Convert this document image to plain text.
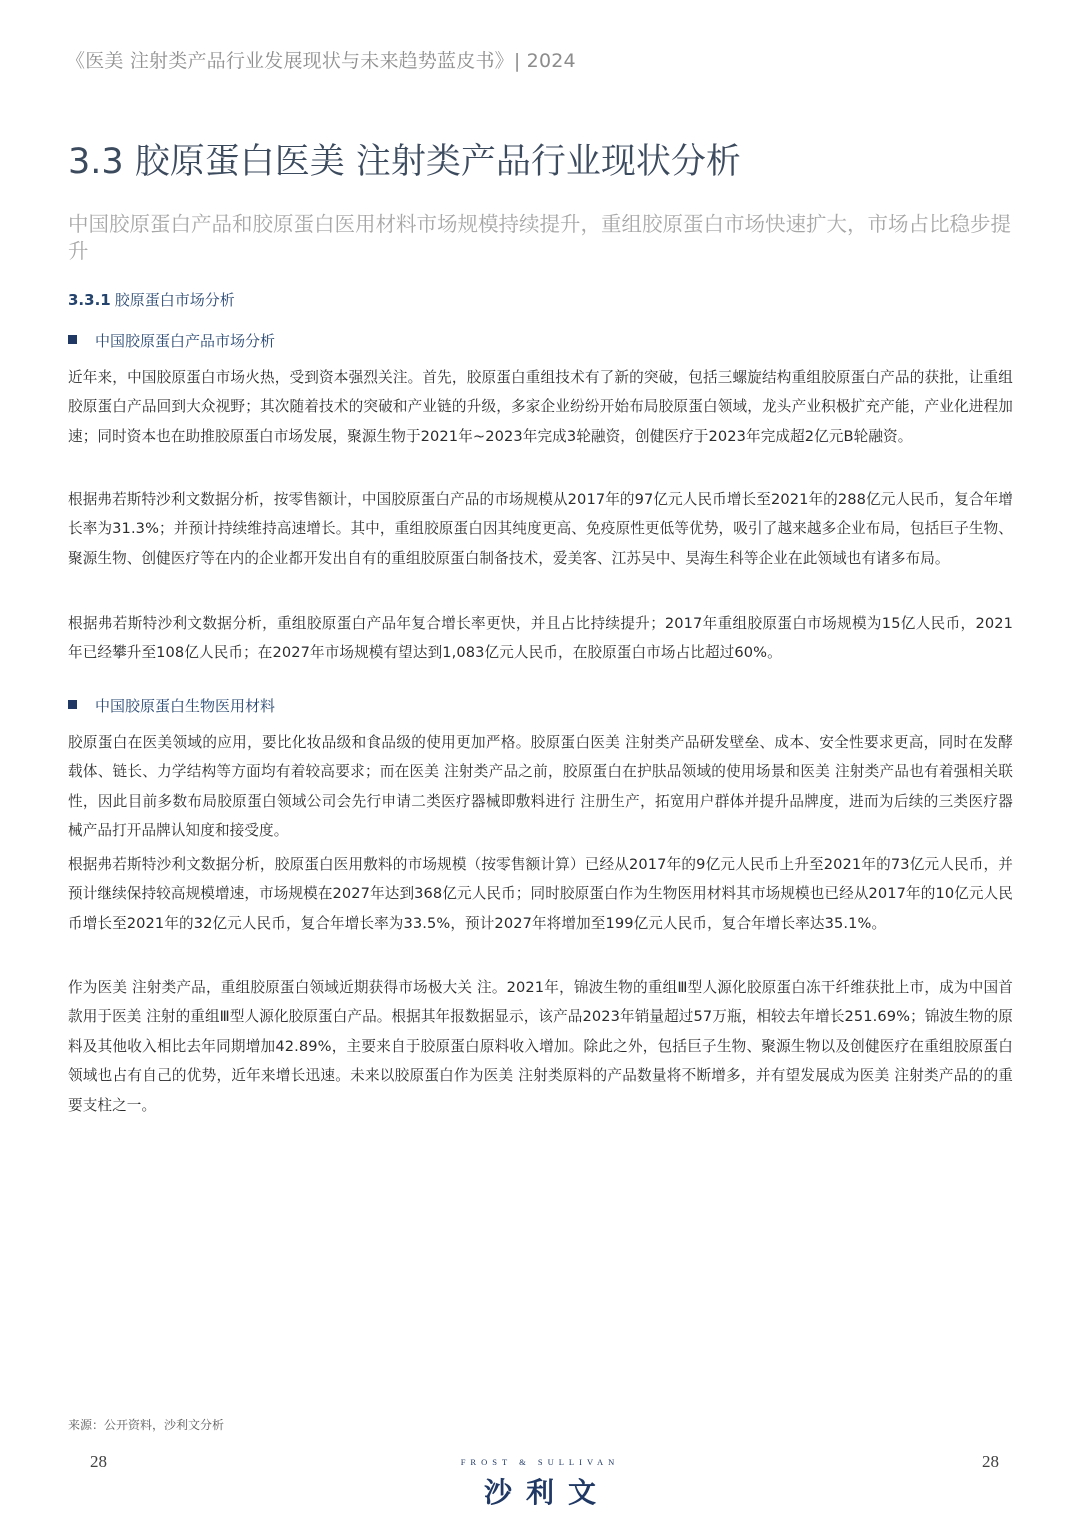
《医美 注射类产品行业发展现状与未来趋势蓝皮书》| 2024
3.3 胶原蛋白医美 注射类产品行业现状分析
中国胶原蛋白产品和胶原蛋白医用材料市场规模持续提升，重组胶原蛋白市场快速扩大，市场占比稳步提升
3.3.1 胶原蛋白市场分析
中国胶原蛋白产品市场分析
近年来，中国胶原蛋白市场火热，受到资本强烈关注。首先，胶原蛋白重组技术有了新的突破，包括三螺旋结构重组胶原蛋白产品的获批，让重组胶原蛋白产品回到大众视野；其次随着技术的突破和产业链的升级，多家企业纷纷开始布局胶原蛋白领域，龙头产业积极扩充产能，产业化进程加速；同时资本也在助推胶原蛋白市场发展，聚源生物于2021年~2023年完成3轮融资，创健医疗于2023年完成超2亿元B轮融资。
根据弗若斯特沙利文数据分析，按零售额计，中国胶原蛋白产品的市场规模从2017年的97亿元人民币增长至2021年的288亿元人民币，复合年增长率为31.3%；并预计持续维持高速增长。其中，重组胶原蛋白因其纯度更高、免疫原性更低等优势，吸引了越来越多企业布局，包括巨子生物、聚源生物、创健医疗等在内的企业都开发出自有的重组胶原蛋白制备技术，爱美客、江苏吴中、昊海生科等企业在此领域也有诸多布局。
根据弗若斯特沙利文数据分析，重组胶原蛋白产品年复合增长率更快，并且占比持续提升；2017年重组胶原蛋白市场规模为15亿人民币，2021年已经攀升至108亿人民币；在2027年市场规模有望达到1,083亿元人民币，在胶原蛋白市场占比超过60%。
中国胶原蛋白生物医用材料
胶原蛋白在医美领域的应用，要比化妆品级和食品级的使用更加严格。胶原蛋白医美 注射类产品研发壁垒、成本、安全性要求更高，同时在发酵载体、链长、力学结构等方面均有着较高要求；而在医美 注射类产品之前，胶原蛋白在护肤品领域的使用场景和医美 注射类产品也有着强相关联性，因此目前多数布局胶原蛋白领域公司会先行申请二类医疗器械即敷料进行 注册生产，拓宽用户群体并提升品牌度，进而为后续的三类医疗器械产品打开品牌认知度和接受度。
根据弗若斯特沙利文数据分析，胶原蛋白医用敷料的市场规模（按零售额计算）已经从2017年的9亿元人民币上升至2021年的73亿元人民币，并预计继续保持较高规模增速，市场规模在2027年达到368亿元人民币；同时胶原蛋白作为生物医用材料其市场规模也已经从2017年的10亿元人民币增长至2021年的32亿元人民币，复合年增长率为33.5%，预计2027年将增加至199亿元人民币，复合年增长率达35.1%。
作为医美 注射类产品，重组胶原蛋白领域近期获得市场极大关 注。2021年，锦波生物的重组Ⅲ型人源化胶原蛋白冻干纤维获批上市，成为中国首款用于医美 注射的重组Ⅲ型人源化胶原蛋白产品。根据其年报数据显示，该产品2023年销量超过57万瓶，相较去年增长251.69%；锦波生物的原料及其他收入相比去年同期增加42.89%，主要来自于胶原蛋白原料收入增加。除此之外，包括巨子生物、聚源生物以及创健医疗在重组胶原蛋白领域也占有自己的优势，近年来增长迅速。未来以胶原蛋白作为医美 注射类原料的产品数量将不断增多，并有望发展成为医美 注射类产品的的重要支柱之一。
来源：公开资料，沙利文分析
28	28
FROST & SULLIVAN
沙利文
